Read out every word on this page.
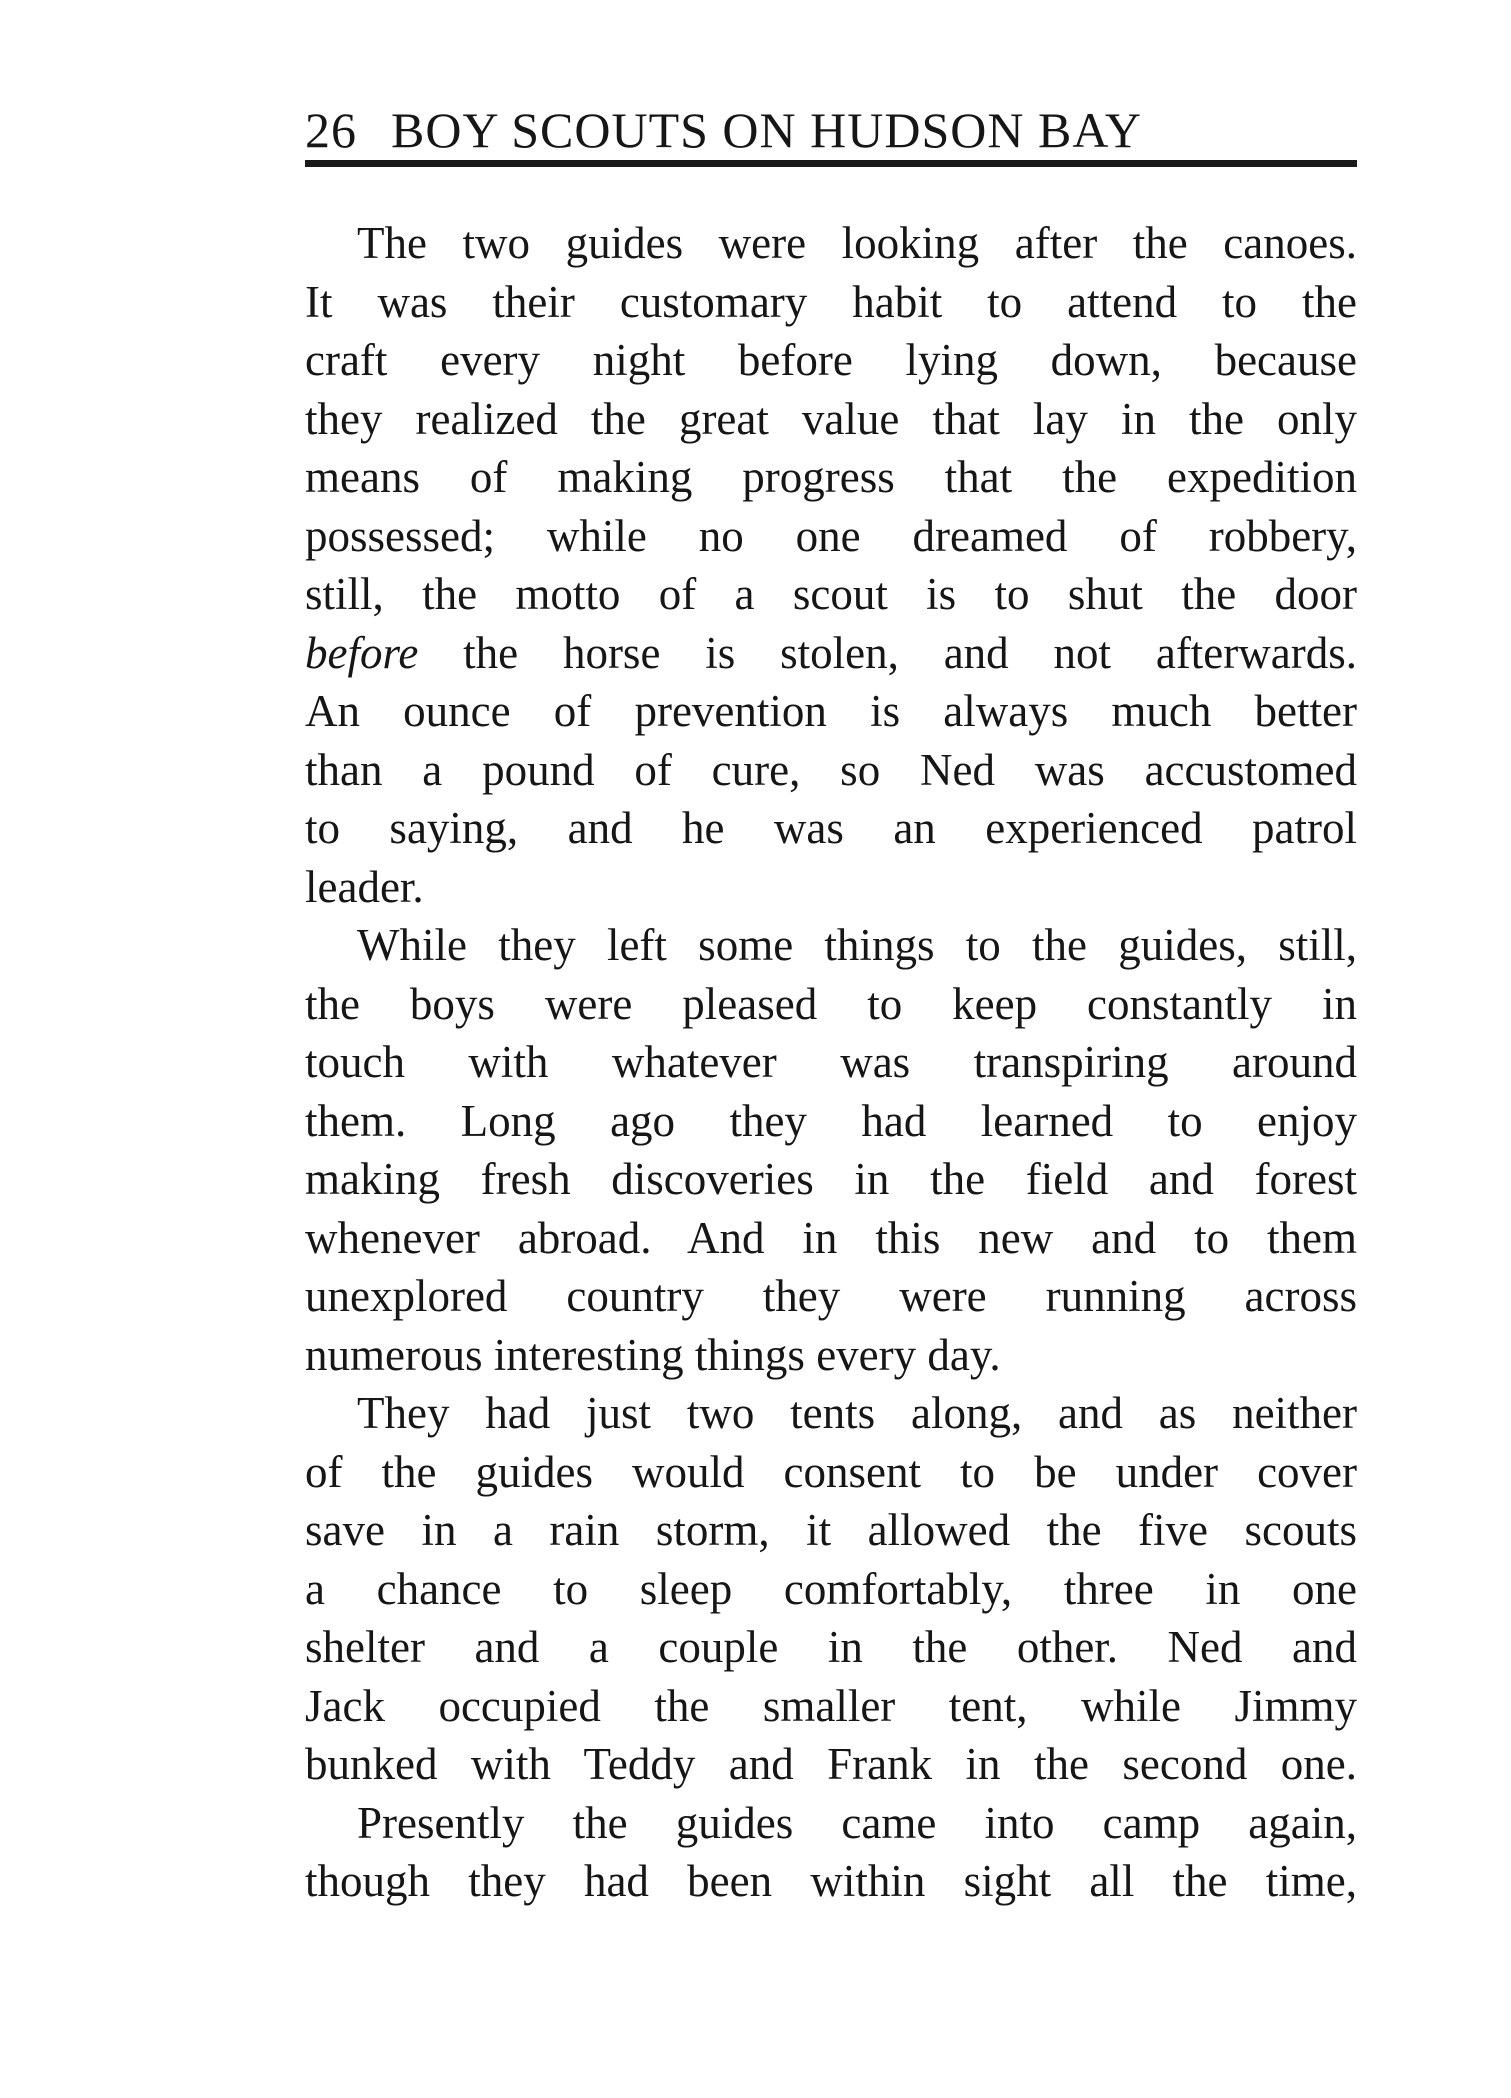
26 BOY SCOUTS ON HUDSON BAY
The two guides were looking after the canoes.
It was their customary habit to attend to the
craft every night before lying down, because
they realized the great value that lay in the only
means of making progress that the expedition
possessed; while no one dreamed of robbery,
still, the motto of a scout is to shut the door
before the horse is stolen, and not afterwards.
An ounce of prevention is always much better
than a pound of cure, so Ned was accustomed
to saying, and he was an experienced patrol
leader.
While they left some things to the guides, still,
the boys were pleased to keep constantly in
touch with whatever was transpiring around
them. Long ago they had learned to enjoy
making fresh discoveries in the field and forest
whenever abroad. And in this new and to them
unexplored country they were running across
numerous interesting things every day.
They had just two tents along, and as neither
of the guides would consent to be under cover
save in a rain storm, it allowed the five scouts
a chance to sleep comfortably, three in one
shelter and a couple in the other. Ned and
Jack occupied the smaller tent, while Jimmy
bunked with Teddy and Frank in the second one.
Presently the guides came into camp again,
though they had been within sight all the time,
